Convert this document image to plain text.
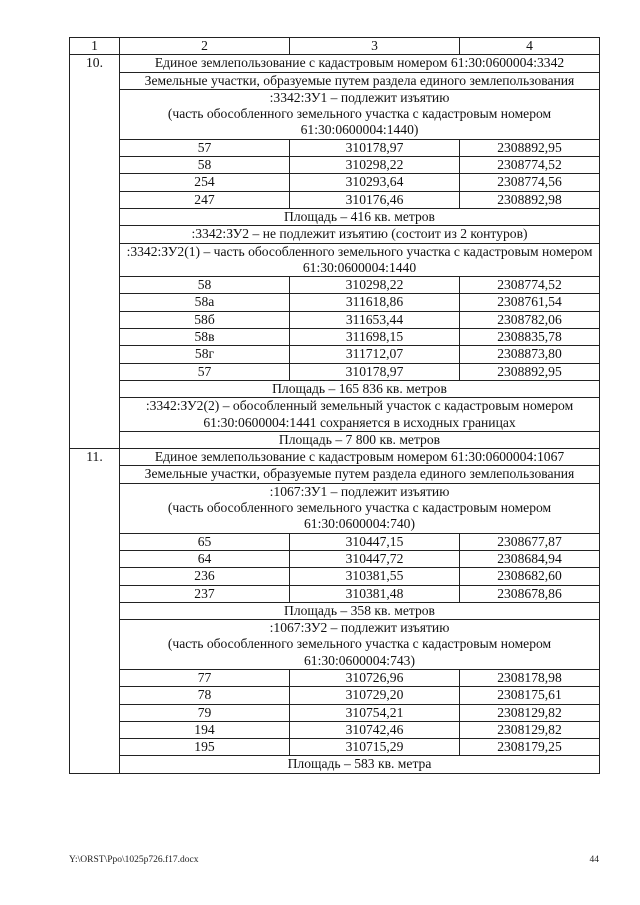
1	2	3	4
10.	Единое землепользование с кадастровым номером 61:30:0600004:3342		
	Земельные участки, образуемые путем раздела единого землепользования		
	:3342:ЗУ1 – подлежит изъятию
(часть обособленного земельного участка с кадастровым номером 61:30:0600004:1440)		
	57	310178,97	2308892,95
	58	310298,22	2308774,52
	254	310293,64	2308774,56
	247	310176,46	2308892,98
	Площадь – 416 кв. метров		
	:3342:ЗУ2 – не подлежит изъятию (состоит из 2 контуров)		
	:3342:ЗУ2(1) – часть обособленного земельного участка с кадастровым номером 61:30:0600004:1440		
	58	310298,22	2308774,52
	58а	311618,86	2308761,54
	58б	311653,44	2308782,06
	58в	311698,15	2308835,78
	58г	311712,07	2308873,80
	57	310178,97	2308892,95
	Площадь – 165 836 кв. метров		
	:3342:ЗУ2(2) – обособленный земельный участок с кадастровым номером 61:30:0600004:1441 сохраняется в исходных границах		
	Площадь – 7 800 кв. метров		
11.	Единое землепользование с кадастровым номером 61:30:0600004:1067		
	Земельные участки, образуемые путем раздела единого землепользования		
	:1067:ЗУ1 – подлежит изъятию
(часть обособленного земельного участка с кадастровым номером 61:30:0600004:740)		
	65	310447,15	2308677,87
	64	310447,72	2308684,94
	236	310381,55	2308682,60
	237	310381,48	2308678,86
	Площадь – 358 кв. метров		
	:1067:ЗУ2 – подлежит изъятию
(часть обособленного земельного участка с кадастровым номером 61:30:0600004:743)		
	77	310726,96	2308178,98
	78	310729,20	2308175,61
	79	310754,21	2308129,82
	194	310742,46	2308129,82
	195	310715,29	2308179,25
	Площадь – 583 кв. метра		
Y:\ORST\Ppo\1025p726.f17.docx	44
